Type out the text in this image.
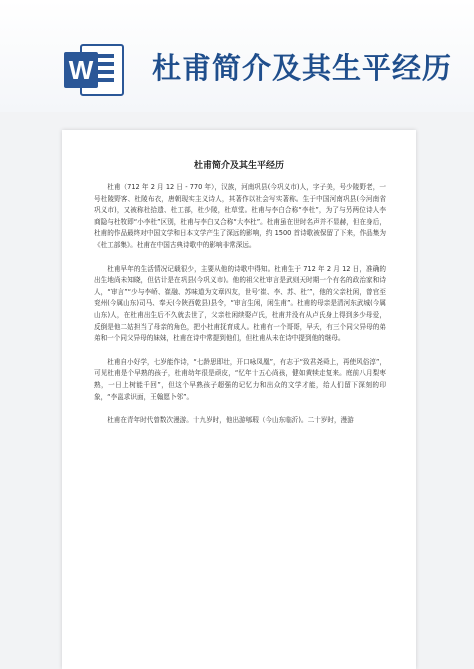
W 杜甫简介及其生平经历
杜甫简介及其生平经历

杜甫（712 年 2 月 12 日 - 770 年），汉族，河南巩县(今巩义市)人，字子美，号少陵野老，一号杜陵野客、杜陵布衣，唐朝现实主义诗人，其著作以社会写实著称。生于中国河南巩县(今河南省巩义市)，又被称杜拾遗、杜工部，杜少陵，杜草堂。杜甫与李白合称“李杜”，为了与另两位诗人李商隐与杜牧即“小李杜”区别，杜甫与李白又合称“大李杜”。杜甫虽在世时名声并不显赫，但在身后，杜甫的作品最终对中国文学和日本文学产生了深远的影响，约 1500 首诗歌被保留了下来，作品集为《杜工部集》。杜甫在中国古典诗歌中的影响非常深远。

杜甫早年的生活情况记载很少，主要从他的诗歌中得知。杜甫生于 712 年 2 月 12 日，准确的出生地尚未知晓，但估计是在巩县(今巩义市)。他的祖父杜审言是武则天时期一个有名的政治家和诗人，“审言”“少与李峤、崔融、苏味道为文章四友，世号‘崔、李、苏、杜’”，他的父亲杜闲，曾官至兖州(今属山东)司马、奉天(今陕西乾县)县令，“审言生闲，闲生甫”。杜甫的母亲是清河东武城(今属山东)人，在杜甫出生后不久就去世了，父亲杜闲续娶卢氏，杜甫并没有从卢氏身上得到多少母爱，反倒是他二姑担当了母亲的角色，把小杜甫抚育成人。杜甫有一个哥哥，早夭，有三个同父异母的弟弟和一个同父异母的妹妹，杜甫在诗中常提到他们，但杜甫从未在诗中提到他的继母。

杜甫自小好学，七岁能作诗，“七龄思即壮，开口咏凤凰”，有志于“致君尧舜上，再使风俗淳”，可见杜甫是个早熟的孩子，杜甫幼年很是顽皮，“忆年十五心尚孩，健如黄犊走复来。庭前八月梨枣熟，一日上树能千回”，但这个早熟孩子超强的记忆力和出众的文学才能，给人们留下深刻的印象，“李邕求识面，王翰愿卜邻”。

杜甫在青年时代曾数次漫游。十九岁时，他出游郇瑕（今山东临沂)。二十岁时，漫游
